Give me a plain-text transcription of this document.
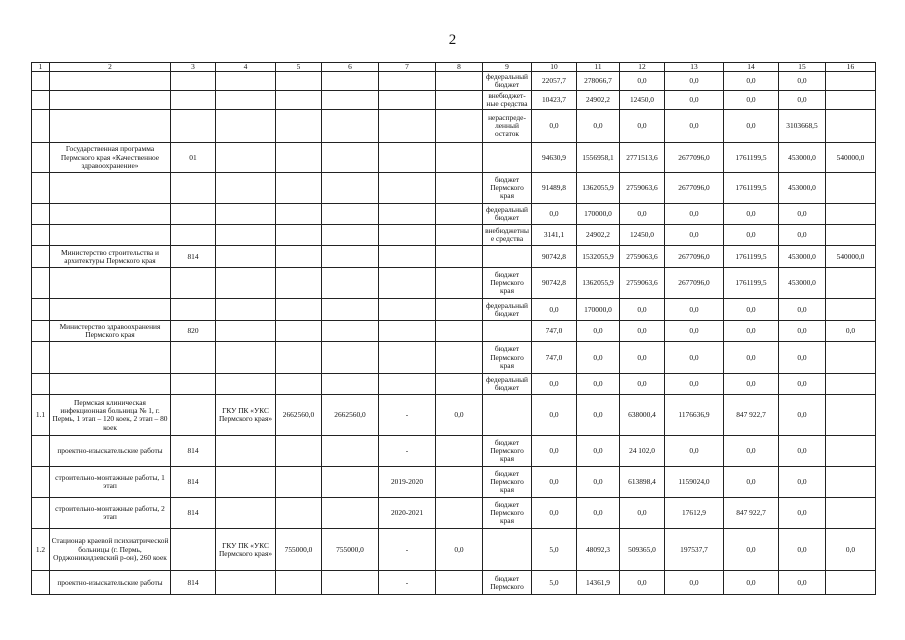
2
1	2	3	4	5	6	7	8	9	10	11	12	13	14	15	16
								федеральный бюджет	22057,7	278066,7	0,0	0,0	0,0	0,0	
								внебюджет-ные средства	10423,7	24902,2	12450,0	0,0	0,0	0,0	
								нераспреде-ленный остаток	0,0	0,0	0,0	0,0	0,0	3103668,5	
	Государственная программа Пермского края «Качественное здравоохранение»	01							94630,9	1556958,1	2771513,6	2677096,0	1761199,5	453000,0	540000,0
								бюджет Пермского края	91489,8	1362055,9	2759063,6	2677096,0	1761199,5	453000,0	
								федеральный бюджет	0,0	170000,0	0,0	0,0	0,0	0,0	
								внебюджетны е средства	3141,1	24902,2	12450,0	0,0	0,0	0,0	
	Министерство строительства и архитектуры Пермского края	814							90742,8	1532055,9	2759063,6	2677096,0	1761199,5	453000,0	540000,0
								бюджет Пермского края	90742,8	1362055,9	2759063,6	2677096,0	1761199,5	453000,0	
								федеральный бюджет	0,0	170000,0	0,0	0,0	0,0	0,0	
	Министерство здравоохранения Пермского края	820							747,0	0,0	0,0	0,0	0,0	0,0	0,0
								бюджет Пермского края	747,0	0,0	0,0	0,0	0,0	0,0	
								федеральный бюджет	0,0	0,0	0,0	0,0	0,0	0,0	
1.1	Пермская клиническая инфекционная больница № 1, г. Пермь, 1 этап – 120 коек, 2 этап – 80 коек		ГКУ ПК «УКС Пермского края»	2662560,0	2662560,0	-	0,0		0,0	0,0	638000,4	1176636,9	847 922,7	0,0	
	проектно-изыскательские работы	814				-		бюджет Пермского края	0,0	0,0	24 102,0	0,0	0,0	0,0	
	строительно-монтажные работы, 1 этап	814				2019-2020		бюджет Пермского края	0,0	0,0	613898,4	1159024,0	0,0	0,0	
	строительно-монтажные работы, 2 этап	814				2020-2021		бюджет Пермского края	0,0	0,0	0,0	17612,9	847 922,7	0,0	
1.2	Стационар краевой психиатрической больницы (г. Пермь, Орджоникидзевский р-он), 260 коек		ГКУ ПК «УКС Пермского края»	755000,0	755000,0	-	0,0		5,0	48092,3	509365,0	197537,7	0,0	0,0	0,0
	проектно-изыскательские работы	814				-		бюджет Пермского	5,0	14361,9	0,0	0,0	0,0	0,0	
